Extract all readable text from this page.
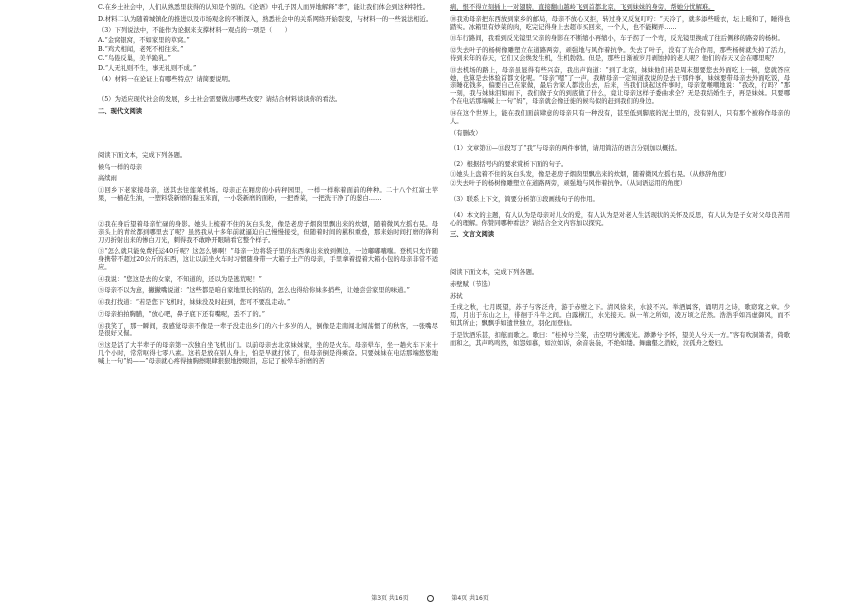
C.在乡土社会中，人们从熟悉里获得的认知是个别的。《论语》中孔子因人而异地解释“孝”，能让我们体会到这种特性。

D.材料二认为随着城镇化的推进以及市场观念的不断深入，熟悉社会中的关系网络开始裂变，与材料一的一些说法相近。

（3）下列说法中，不能作为论据来支撑材料一观点的一项是（　　）

A.“金窝银窝，不如家里的草窝。”

B.“鸡犬相闻，老死不相往来。”

C.“鸟倦反巢，美羊跪乳。”

D.“人无礼则不生，事无礼则不成。”

（4）材料一在论证上有哪些特点？请简要说明。

（5）为适应现代社会的发展，乡土社会需要做出哪些改变？请结合材料谈谈你的看法。

二、现代文阅读

阅读下面文本，完成下列各题。

候鸟一样的母亲

高续雨

①回乡下老家接母亲，送其去往莲莱机场。母亲正在厢房的小砖秤园里，一样一样称着面前的种种。二十八个红富士苹果，一桶花生油，一塑料袋新磨的黏玉米面，一小袋新磨的面粉，一把香菜，一把洗干净了的葱白……

②我在身后望着母亲忙碌的身影。她头上梳着不住的灰白头发，像是老房子烟囱里飘出来的炊烟，随着微风左摇右晃。母亲头上的青丝都到哪里去了呢？虽然我从十多年前就逼迫自己慢慢接受，但随着时间的累积重叠，那来始时间打磨的锋利刀刃折射出来的惨白刀光，刺得我不敢睁开眼睛看它整个样子。

③“怎么就只能免费托运40斤呢？这怎么够啊！”母亲一边将袋子里的东西拿出来放到侧边，一边嘟嘟囔囔。登机只允许随身携带不超过20公斤的东西，这让以前坐火车时习惯随身带一大箱子土产的母亲，手里拿着提着大箱小包的母亲非常不适应。

④我说：“您这是去的女家，不知道的，还以为是逃荒呢！”

⑤母亲不以为意，撇撇嘴说道：“这些都是咱自家地里长的结的，怎么也得给你妹多捎些，让她尝尝家里的味道。”

⑥我打找道：“若是您下飞机时，妹妹没及时赶到，您可不要乱走动。”

⑦母亲拍拍胸脯，“放心吧，鼻子底下还有嘴呢，丢不了的。”

⑧我笑了，那一瞬间，我感觉母亲不像是一辈子没走出乡门的六十多岁的人，倒像是走南闯北闯荡惯了的秋客，一张嘴尽是很好又倔。

⑨这是活了大半辈子的母亲第一次独自坐飞机出门。以前母亲去北京妹妹家，坐的是火车。母亲晕车，坐一趟火车下来十几个小时，常常呕得七零八素。这若是放在别人身上，怕是早就打怵了，但母亲倒是得乘奋。只要妹妹在电话那端悠悠地喊上一句“妈——”母亲就心疼得抽胸擦眼肆狠狠地擦眼泪，忘记了被晕车折磨的苦

病，恨不得立刻插上一对翅膀，直接翻山越岭飞到首都北京，飞到妹妹的身旁，帮她分忧解难。

⑩我劝母亲把东西放到家乡的邮局，母亲不放心又拒，转过身又反复叮咛：“天冷了，就多添些暖衣，坛上暖和了，睡得也踏实。冰箱里有炒菜的肉，吃完记得身上去超市买回来，一个人，也不能糊弄……

⑪车行路间，我看到反光镜里父亲的身影在不断缩小再缩小，车子拐了一个弯，反光镜里换成了往后侧移的路旁的杨树。

⑫失去叶子的杨树像雕塑立在道路两旁，顽强地与风作着抗争。失去了叶子，没有了光合作用，那些杨树就失掉了活力，待到来年的春天，它们又会焕发生机，生机勃勃。但是，那些日渐被岁月剥蚀掉的老人呢？他们的春天又会在哪里呢？

⑬去机场的路上，母亲虽显得有些兴奋，我出声询道：“到了北京，妹妹他们若是周末想要您去外面吃上一顿，您就答应她，也算是去体验首都文化呢。“母亲“嗯”了一声，我精母亲一定知道我说的是去干那件事，妹妹要带母亲去外面吃饭，母亲睡花钱多，偏要自己在家做，最后舍家人都没出去，后来，当我们谈起这件事时，母亲宽喉嘲地说：“我改，行吗？”那一刻，我与妹妹泪如雨下，我们做子女的到底做了什么，竟让母亲这样子委曲求全？无是我结婚生子，再是妹妹。只要哪个在电话那端喊上一句“妈”，母亲就会像迁徙的候鸟似的赶到我们的身边。

⑭在这个世界上，能在我们面前肆意的母亲只有一种没有，甚至低到脚底的泥土里的，没有别人，只有那个被称作母亲的人。

（有删改）

（1）文章第⑪—⑬段写了“我”与母亲的两件事情，请用简洁的语言分别加以概括。

（2）根据括号内的要求赏析下面的句子。

①她头上盘着不住的灰白头发，像是老房子烟囱里飘出来的炊烟，随着微风左摇右晃。（从修辞角度）

②失去叶子的杨树像雕塑立在道路两旁，顽强地与风作着抗争。（从词语运用的角度）

（3）联系上下文，简要分析第③段画线句子的作用。

（4）本文的主题，有人认为是母亲对儿女的爱，有人认为是对老人生活现状的关怀及反思，有人认为是子女对父母良苦用心的理解。你赞同哪种看法？请结合全文内容加以探究。

三、文言文阅读

阅读下面文本，完成下列各题。

赤壁赋（节选）

苏轼

壬戌之秋，七月既望，苏子与客泛舟，游于赤壁之下。清风徐来，水波不兴。举酒属客，诵明月之诗，歌窈窕之章。少焉，月出于东山之上，徘徊于斗牛之间。白露横江，水光接天。纵一苇之所如，凌万顷之茫然。浩浩乎如冯虚御风，而不知其所止；飘飘乎如遗世独立，羽化而登仙。

于是饮酒乐甚，扣舷而歌之。歌曰：“桂棹兮兰桨，击空明兮溯流光。渺渺兮予怀，望美人兮天一方。”客有吹洞箫者，倚歌而和之，其声鸣鸣然，如怨如慕，如泣如诉，余音袅袅，不绝如缕。舞幽壑之潜蛟，泣孤舟之嫠妇。

第3页 共16页	第4页 共16页
